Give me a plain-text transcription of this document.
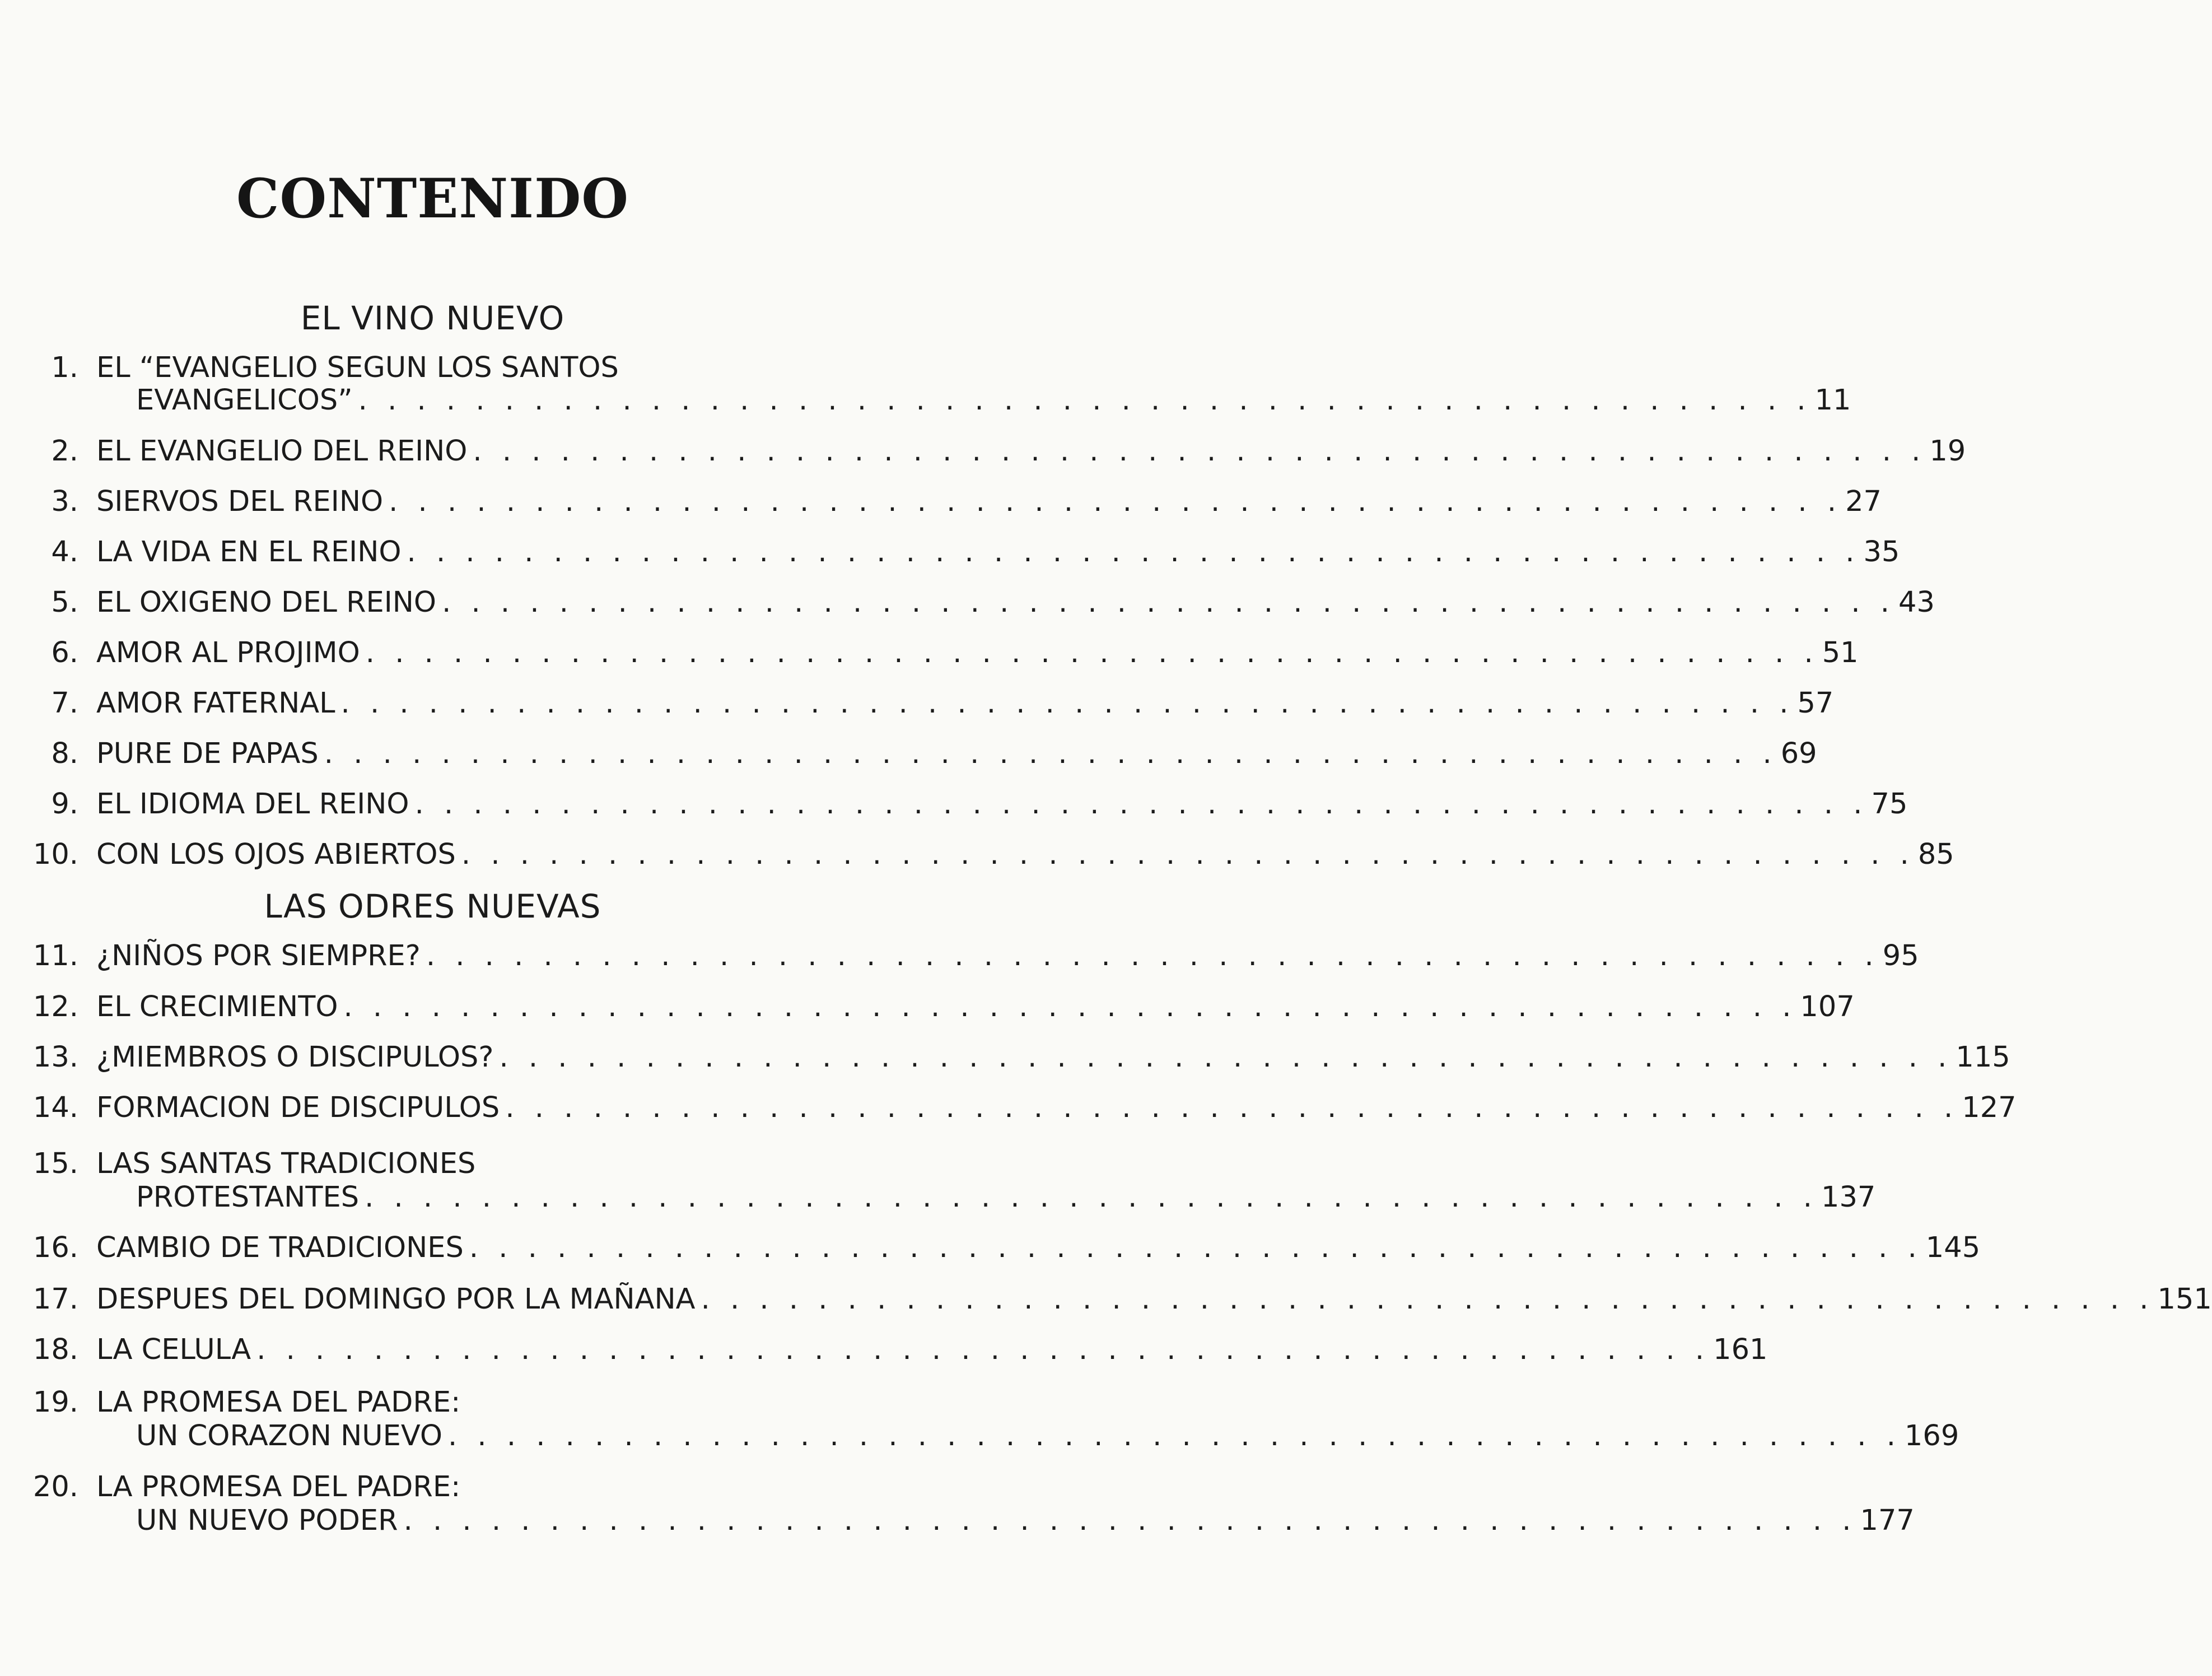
CONTENIDO
EL VINO NUEVO
1. EL “EVANGELIO SEGUN LOS SANTOS
EVANGELICOS” . . . . . . . . . . . . . . . . . . . . . . . . . . . . . . . . . . . . . . . . . . . . . . . . . . 11
2. EL EVANGELIO DEL REINO . . . . . . . . . . . . . . . . . . . . . . . . . . . . . . . . . . . . . . . . . . . . . . . . . . 19
3. SIERVOS DEL REINO . . . . . . . . . . . . . . . . . . . . . . . . . . . . . . . . . . . . . . . . . . . . . . . . . . 27
4. LA VIDA EN EL REINO . . . . . . . . . . . . . . . . . . . . . . . . . . . . . . . . . . . . . . . . . . . . . . . . . . 35
5. EL OXIGENO DEL REINO . . . . . . . . . . . . . . . . . . . . . . . . . . . . . . . . . . . . . . . . . . . . . . . . . . 43
6. AMOR AL PROJIMO . . . . . . . . . . . . . . . . . . . . . . . . . . . . . . . . . . . . . . . . . . . . . . . . . . 51
7. AMOR FATERNAL . . . . . . . . . . . . . . . . . . . . . . . . . . . . . . . . . . . . . . . . . . . . . . . . . . 57
8. PURE DE PAPAS . . . . . . . . . . . . . . . . . . . . . . . . . . . . . . . . . . . . . . . . . . . . . . . . . . 69
9. EL IDIOMA DEL REINO . . . . . . . . . . . . . . . . . . . . . . . . . . . . . . . . . . . . . . . . . . . . . . . . . . 75
10. CON LOS OJOS ABIERTOS . . . . . . . . . . . . . . . . . . . . . . . . . . . . . . . . . . . . . . . . . . . . . . . . . . 85
LAS ODRES NUEVAS
11. ¿NIÑOS POR SIEMPRE? . . . . . . . . . . . . . . . . . . . . . . . . . . . . . . . . . . . . . . . . . . . . . . . . . . 95
12. EL CRECIMIENTO . . . . . . . . . . . . . . . . . . . . . . . . . . . . . . . . . . . . . . . . . . . . . . . . . . 107
13. ¿MIEMBROS O DISCIPULOS? . . . . . . . . . . . . . . . . . . . . . . . . . . . . . . . . . . . . . . . . . . . . . . . . . . 115
14. FORMACION DE DISCIPULOS . . . . . . . . . . . . . . . . . . . . . . . . . . . . . . . . . . . . . . . . . . . . . . . . . . 127
15. LAS SANTAS TRADICIONES
PROTESTANTES . . . . . . . . . . . . . . . . . . . . . . . . . . . . . . . . . . . . . . . . . . . . . . . . . . 137
16. CAMBIO DE TRADICIONES . . . . . . . . . . . . . . . . . . . . . . . . . . . . . . . . . . . . . . . . . . . . . . . . . . 145
17. DESPUES DEL DOMINGO POR LA MAÑANA . . . . . . . . . . . . . . . . . . . . . . . . . . . . . . . . . . . . . . . . . . . . . . . . . . 151
18. LA CELULA . . . . . . . . . . . . . . . . . . . . . . . . . . . . . . . . . . . . . . . . . . . . . . . . . . 161
19. LA PROMESA DEL PADRE:
UN CORAZON NUEVO . . . . . . . . . . . . . . . . . . . . . . . . . . . . . . . . . . . . . . . . . . . . . . . . . . 169
20. LA PROMESA DEL PADRE:
UN NUEVO PODER . . . . . . . . . . . . . . . . . . . . . . . . . . . . . . . . . . . . . . . . . . . . . . . . . . 177
